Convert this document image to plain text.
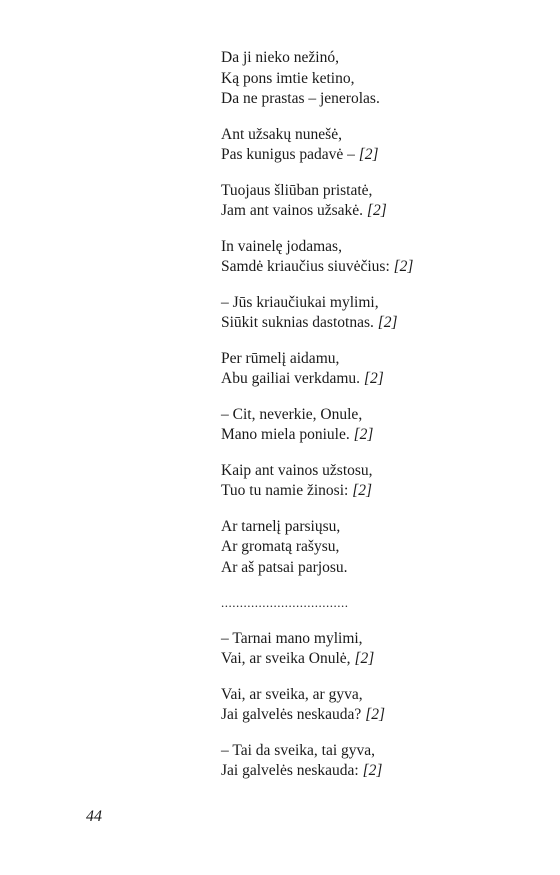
Da ji nieko nežinó,
Ką pons imtie ketino,
Da ne prastas – jenerolas.
Ant užsakų nunešė,
Pas kunigus padavė – [2]
Tuojaus šliūban pristatė,
Jam ant vainos užsakė. [2]
In vainelę jodamas,
Samdė kriaučius siuvėčius: [2]
– Jūs kriaučiukai mylimi,
Siūkit suknias dastotnas. [2]
Per rūmelį aidamu,
Abu gailiai verkdamu. [2]
– Cit, neverkie, Onule,
Mano miela poniule. [2]
Kaip ant vainos užstosu,
Tuo tu namie žinosi: [2]
Ar tarnelį parsiųsu,
Ar gromatą rašysu,
Ar aš patsai parjosu.
..................................
– Tarnai mano mylimi,
Vai, ar sveika Onulė, [2]
Vai, ar sveika, ar gyva,
Jai galvelės neskauda? [2]
– Tai da sveika, tai gyva,
Jai galvelės neskauda: [2]
44
